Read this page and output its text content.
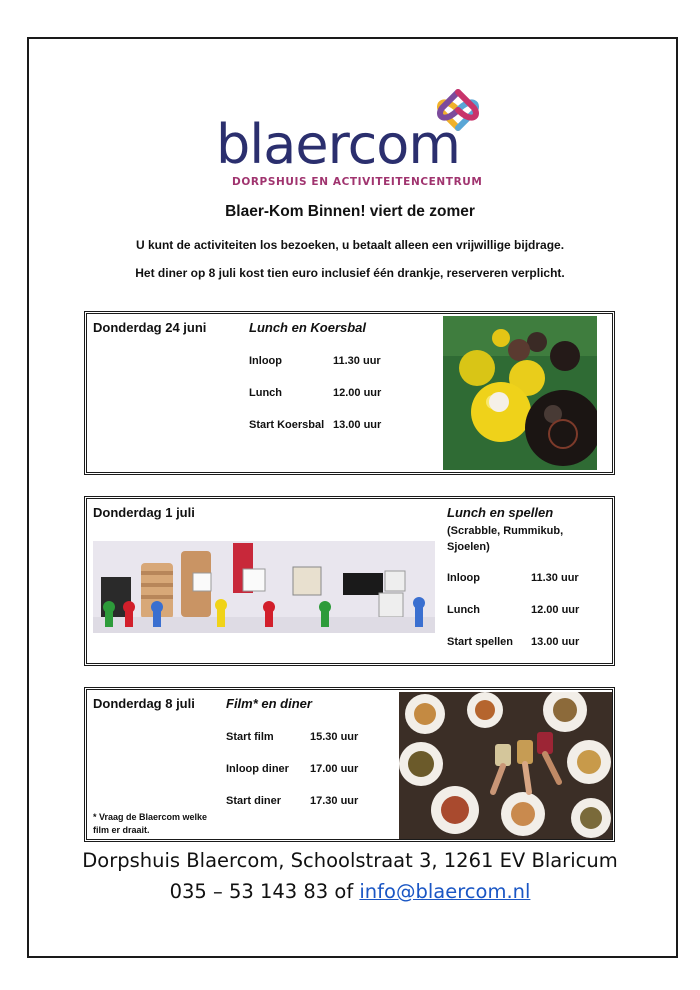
blaercom
DORPSHUIS EN ACTIVITEITENCENTRUM
Blaer-Kom Binnen! viert de zomer
U kunt de activiteiten los bezoeken, u betaalt alleen een vrijwillige bijdrage.
Het diner op 8 juli kost tien euro inclusief één drankje, reserveren verplicht.
Donderdag 24 juni	Lunch en Koersbal
Inloop	11.30 uur
Lunch	12.00 uur
Start Koersbal 13.00 uur
Donderdag 1 juli	Lunch en spellen
(Scrabble, Rummikub,
Sjoelen)
Inloop	11.30 uur
Lunch	12.00 uur
Start spellen 13.00 uur
Donderdag 8 juli Film* en diner
Start film	15.30 uur
Inloop diner 17.00 uur
Start diner	17.30 uur
* Vraag de Blaercom welke
film er draait.
Dorpshuis Blaercom, Schoolstraat 3, 1261 EV Blaricum
035 – 53 143 83 of info@blaercom.nl
